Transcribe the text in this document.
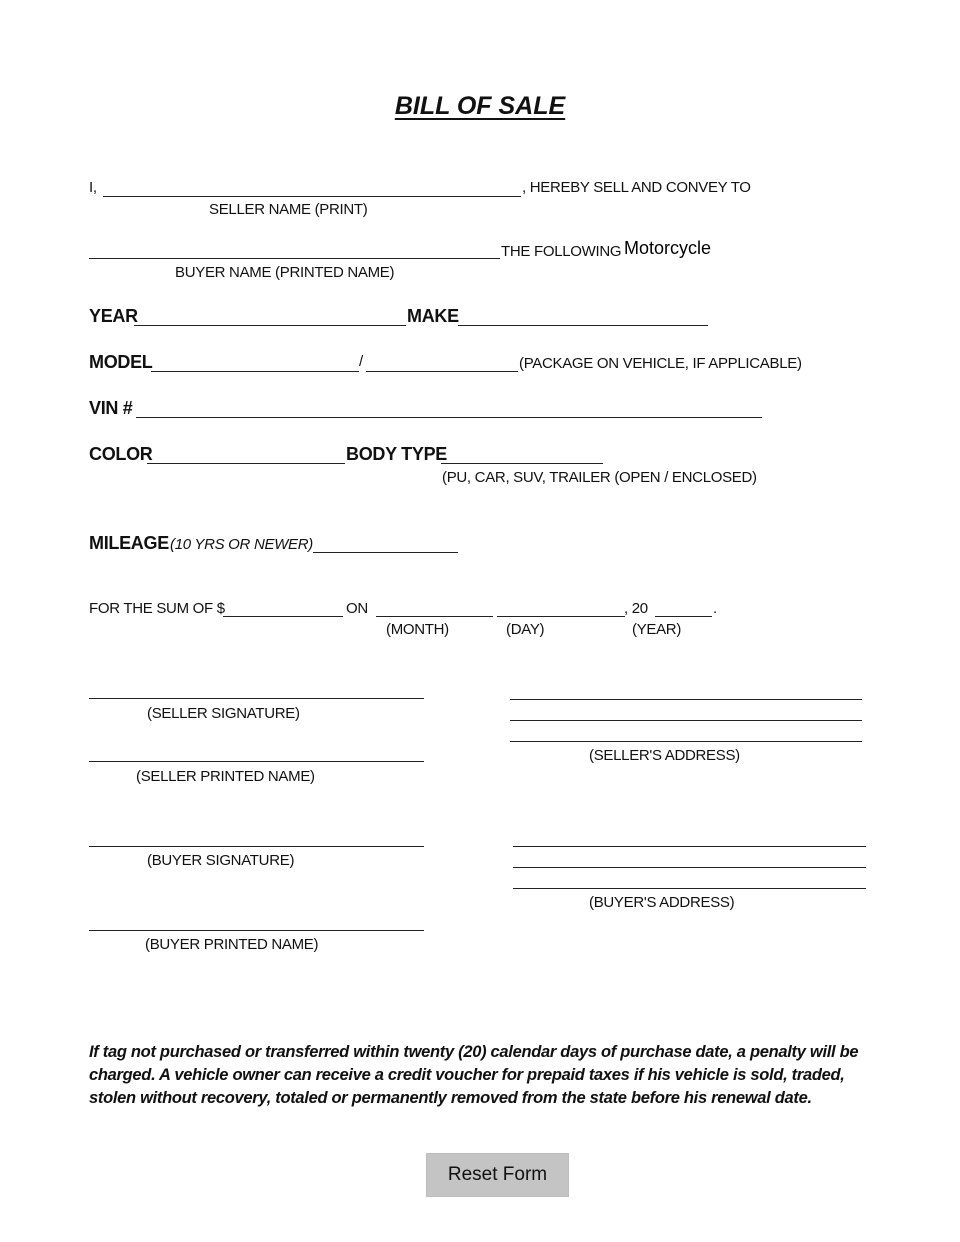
BILL OF SALE
I,	, HEREBY SELL AND CONVEY TO
SELLER NAME (PRINT)
THE FOLLOWING
Motorcycle
BUYER NAME (PRINTED NAME)
YEAR	MAKE
MODEL	/	(PACKAGE ON VEHICLE, IF APPLICABLE)
VIN #
COLOR	BODY TYPE
(PU, CAR, SUV, TRAILER (OPEN / ENCLOSED)
MILEAGE (10 YRS OR NEWER)
FOR THE SUM OF $	ON	, 20	.
(MONTH)	(DAY)	(YEAR)
(SELLER SIGNATURE)
(SELLER PRINTED NAME)
(SELLER'S ADDRESS)
(BUYER SIGNATURE)
(BUYER PRINTED NAME)
(BUYER'S ADDRESS)
If tag not purchased or transferred within twenty (20) calendar days of purchase date, a penalty will be charged. A vehicle owner can receive a credit voucher for prepaid taxes if his vehicle is sold, traded, stolen without recovery, totaled or permanently removed from the state before his renewal date.
Reset Form
